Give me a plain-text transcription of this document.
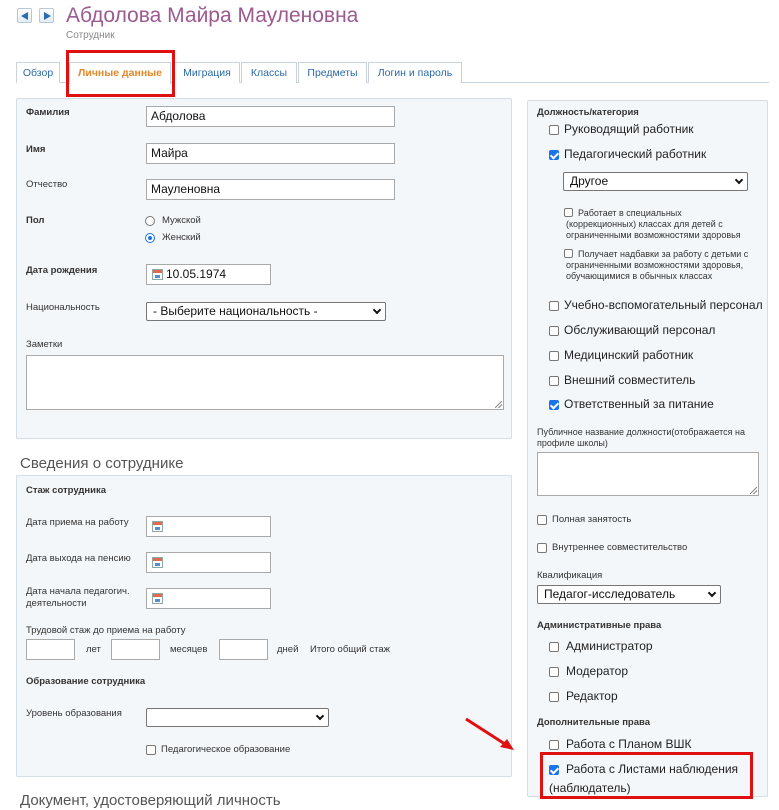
Абдолова Майра Мауленовна
Сотрудник
Обзор	Личные данные	Миграция	Классы	Предметы	Логин и пароль
Фамилия	Абдолова
Имя	Майра
Отчество	Мауленовна
Пол	Мужской
Женский
Дата рождения	10.05.1974
Национальность	- Выберите национальность -
Заметки
Сведения о сотруднике
Стаж сотрудника
Дата приема на работу
Дата выхода на пенсию
Дата начала педагогич.
деятельности
Трудовой стаж до приема на работу
лет	месяцев	дней Итого общий стаж
Образование сотрудника
Уровень образования
Педагогическое образование
Документ, удостоверяющий личность
Должность/категория
Руководящий работник
Педагогический работник
Другое
Работает в специальных
(коррекционных) классах для детей с
ограниченными возможностями здоровья
Получает надбавки за работу с детьми с
ограниченными возможностями здоровья,
обучающимися в обычных классах
Учебно-вспомогательный персонал
Обслуживающий персонал
Медицинский работник
Внешний совместитель
Ответственный за питание
Публичное название должности(отображается на
профиле школы)
Полная занятость
Внутреннее совместительство
Квалификация
Педагог-исследователь
Административные права
Администратор
Модератор
Редактор
Дополнительные права
Работа с Планом ВШК
Работа с Листами наблюдения
(наблюдатель)
